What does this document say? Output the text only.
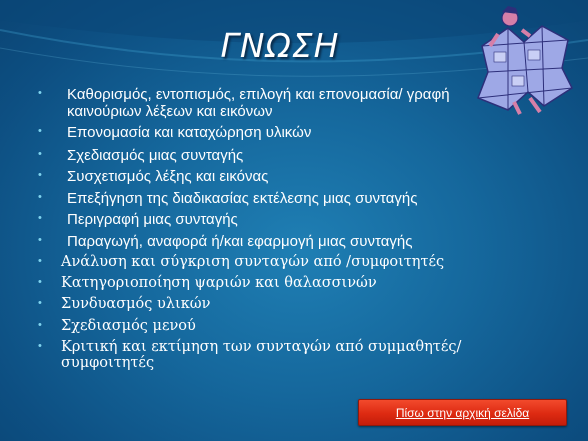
ΓΝΩΣΗ
• Καθορισμός, εντοπισμός, επιλογή και επονομασία/ γραφή
καινούριων λέξεων και εικόνων
• Επονομασία και καταχώρηση υλικών
• Σχεδιασμός μιας συνταγής
• Συσχετισμός λέξης και εικόνας
• Επεξήγηση της διαδικασίας εκτέλεσης μιας συνταγής
• Περιγραφή μιας συνταγής
• Παραγωγή, αναφορά ή/και εφαρμογή μιας συνταγής
• Ανάλυση και σύγκριση συνταγών από /συμφοιτητές
• Κατηγοριοποίηση ψαριών και θαλασσινών
• Συνδυασμός υλικών
• Σχεδιασμός μενού
• Κριτική και εκτίμηση των συνταγών από συμμαθητές/
συμφοιτητές
Πίσω στην αρχική σελίδα
